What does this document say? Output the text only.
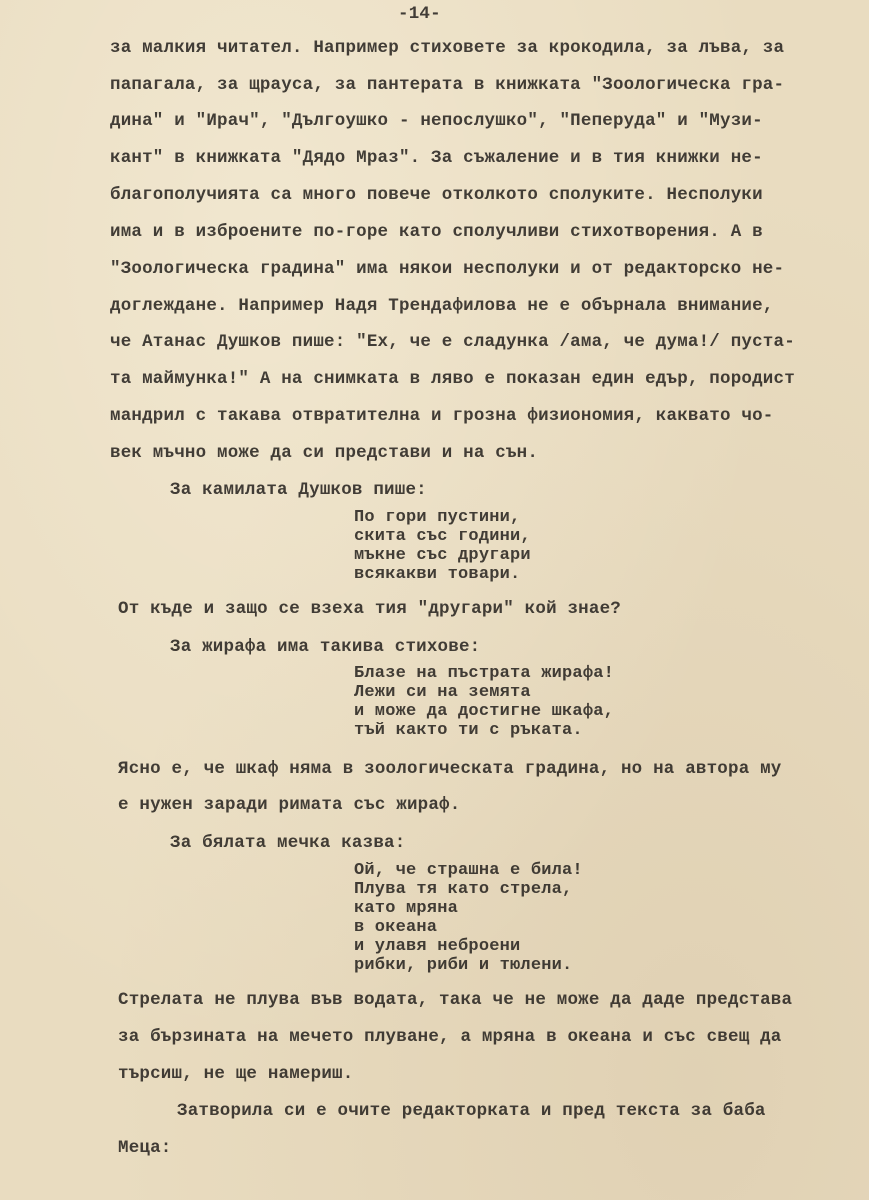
-14-
за малкия читател. Например стиховете за крокодила, за лъва, за
папагала, за щрауса, за пантерата в книжката "Зоологическа гра-
дина" и "Ирач", "Дългоушко - непослушко", "Пеперуда" и "Музи-
кант" в книжката "Дядо Мраз". За съжаление и в тия книжки не-
благополучията са много повече отколкото сполуките. Несполуки
има и в изброените по-горе като сполучливи стихотворения. А в
"Зоологическа градина" има някои несполуки и от редакторско не-
доглеждане. Например Надя Трендафилова не е обърнала внимание,
че Атанас Душков пише: "Ех, че е сладунка /ама, че дума!/ пуста-
та маймунка!" А на снимката в ляво е показан един едър, породист
мандрил с такава отвратителна и грозна физиономия, каквато чо-
век мъчно може да си представи и на сън.
За камилата Душков пише:
По гори пустини,
скита със години,
мъкне със другари
всякакви товари.
От къде и защо се взеха тия "другари" кой знае?
За жирафа има такива стихове:
Блазе на пъстрата жирафа!
Лежи си на земята
и може да достигне шкафа,
тъй както ти с ръката.
Ясно е, че шкаф няма в зоологическата градина, но на автора му
е нужен заради римата със жираф.
За бялата мечка казва:
Ой, че страшна е била!
Плува тя като стрела,
като мряна
в океана
и улавя неброени
рибки, риби и тюлени.
Стрелата не плува във водата, така че не може да даде представа
за бързината на мечето плуване, а мряна в океана и със свещ да
търсиш, не ще намериш.
Затворила си е очите редакторката и пред текста за баба
Меца:
